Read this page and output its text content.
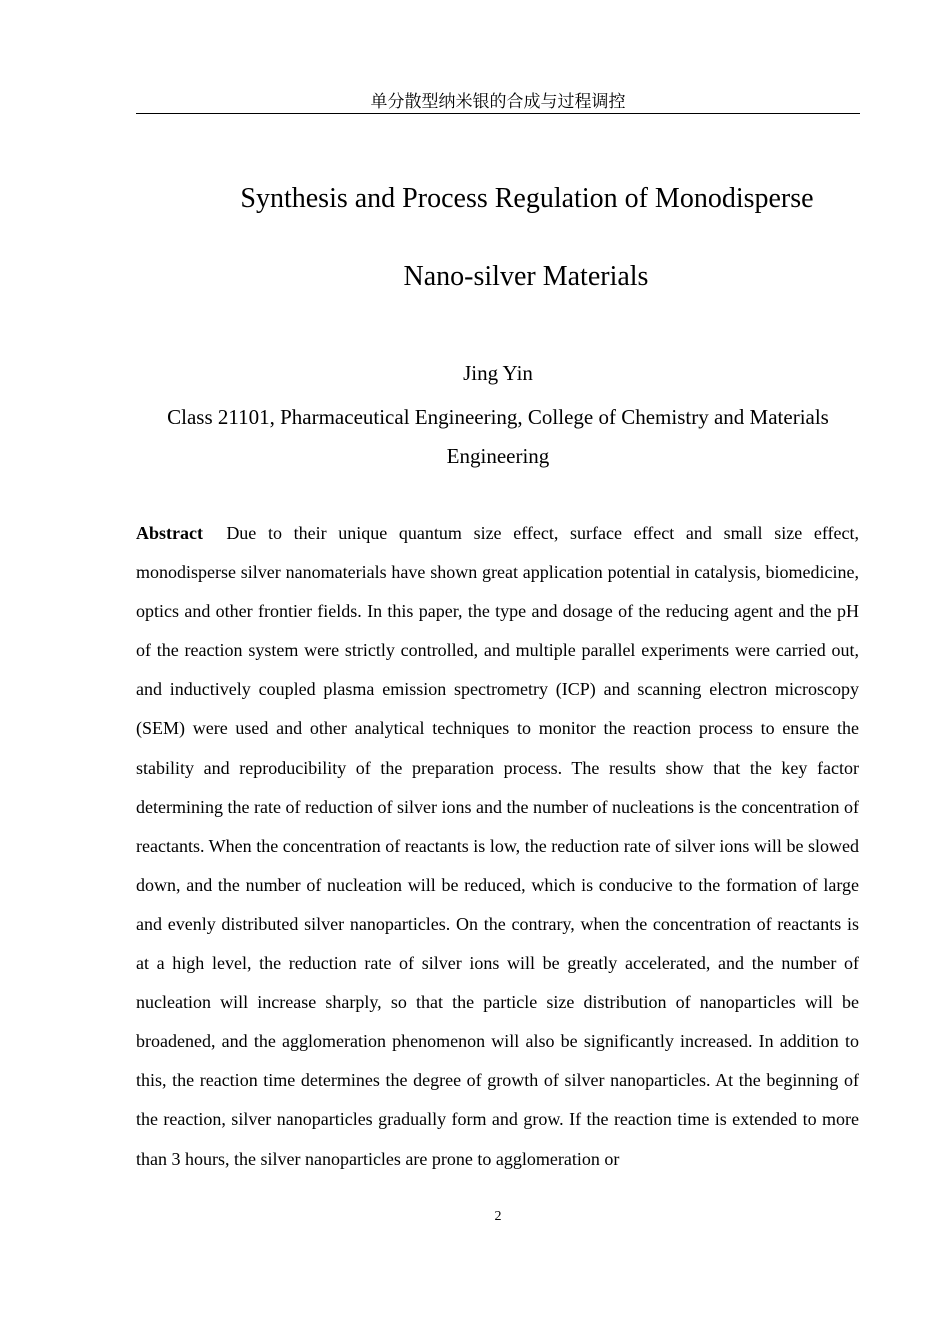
单分散型纳米银的合成与过程调控
Synthesis and Process Regulation of Monodisperse
Nano-silver Materials
Jing Yin
Class 21101, Pharmaceutical Engineering, College of Chemistry and Materials Engineering
Abstract Due to their unique quantum size effect, surface effect and small size effect, monodisperse silver nanomaterials have shown great application potential in catalysis, biomedicine, optics and other frontier fields. In this paper, the type and dosage of the reducing agent and the pH of the reaction system were strictly controlled, and multiple parallel experiments were carried out, and inductively coupled plasma emission spectrometry (ICP) and scanning electron microscopy (SEM) were used and other analytical techniques to monitor the reaction process to ensure the stability and reproducibility of the preparation process. The results show that the key factor determining the rate of reduction of silver ions and the number of nucleations is the concentration of reactants. When the concentration of reactants is low, the reduction rate of silver ions will be slowed down, and the number of nucleation will be reduced, which is conducive to the formation of large and evenly distributed silver nanoparticles. On the contrary, when the concentration of reactants is at a high level, the reduction rate of silver ions will be greatly accelerated, and the number of nucleation will increase sharply, so that the particle size distribution of nanoparticles will be broadened, and the agglomeration phenomenon will also be significantly increased. In addition to this, the reaction time determines the degree of growth of silver nanoparticles. At the beginning of the reaction, silver nanoparticles gradually form and grow. If the reaction time is extended to more than 3 hours, the silver nanoparticles are prone to agglomeration or
2
